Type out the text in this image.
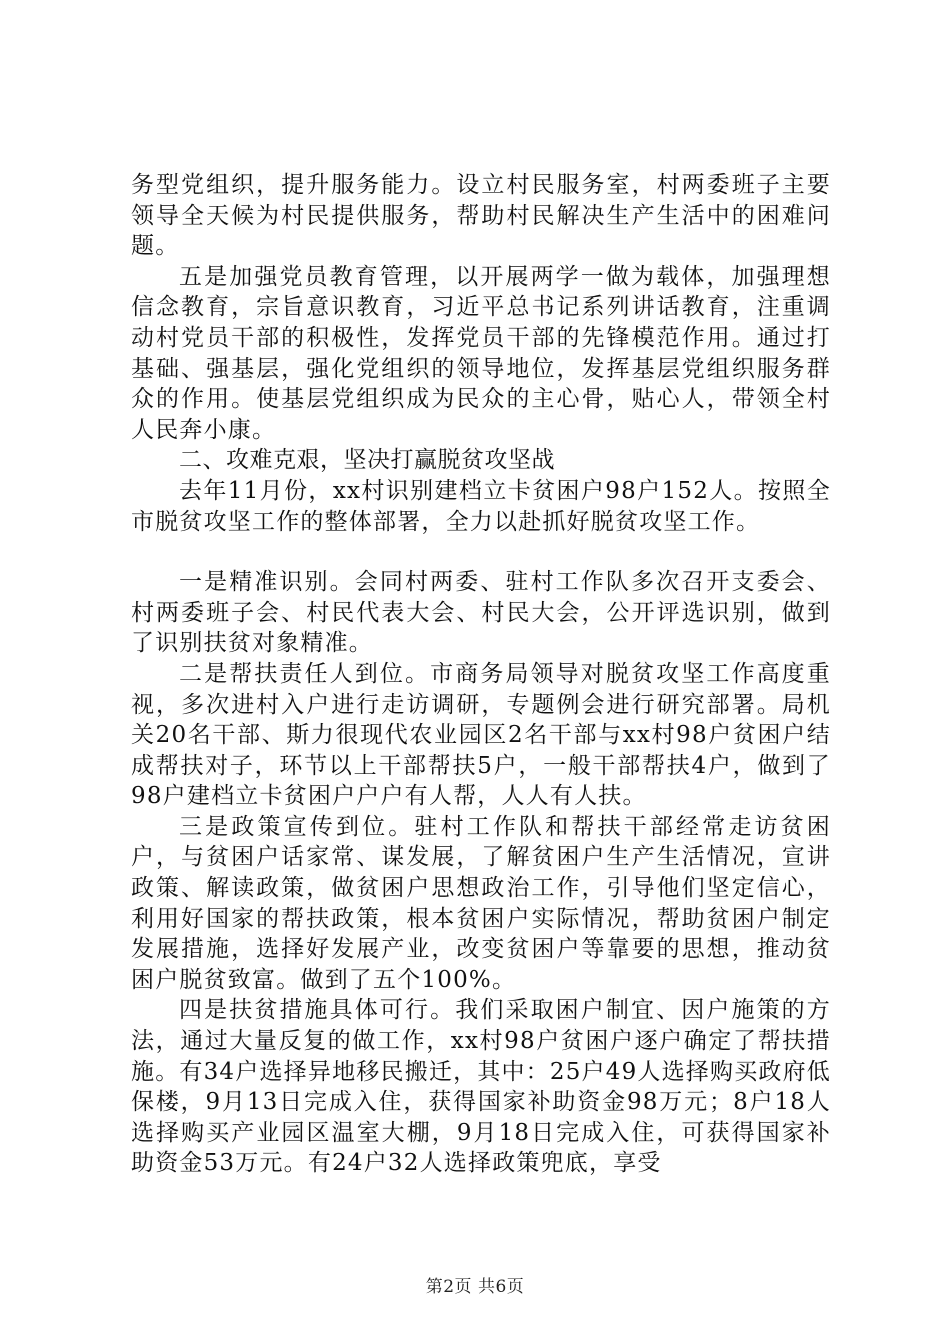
务型党组织，提升服务能力。设立村民服务室，村两委班子主要领导全天候为村民提供服务，帮助村民解决生产生活中的困难问题。

五是加强党员教育管理，以开展两学一做为载体，加强理想信念教育，宗旨意识教育，习近平总书记系列讲话教育，注重调动村党员干部的积极性，发挥党员干部的先锋模范作用。通过打基础、强基层，强化党组织的领导地位，发挥基层党组织服务群众的作用。使基层党组织成为民众的主心骨，贴心人，带领全村人民奔小康。

二、攻难克艰，坚决打赢脱贫攻坚战

去年11月份，xx村识别建档立卡贫困户98户152人。按照全市脱贫攻坚工作的整体部署，全力以赴抓好脱贫攻坚工作。

一是精准识别。会同村两委、驻村工作队多次召开支委会、村两委班子会、村民代表大会、村民大会，公开评选识别，做到了识别扶贫对象精准。

二是帮扶责任人到位。市商务局领导对脱贫攻坚工作高度重视，多次进村入户进行走访调研，专题例会进行研究部署。局机关20名干部、斯力很现代农业园区2名干部与xx村98户贫困户结成帮扶对子，环节以上干部帮扶5户，一般干部帮扶4户，做到了98户建档立卡贫困户户户有人帮，人人有人扶。

三是政策宣传到位。驻村工作队和帮扶干部经常走访贫困户，与贫困户话家常、谋发展，了解贫困户生产生活情况，宣讲政策、解读政策，做贫困户思想政治工作，引导他们坚定信心，利用好国家的帮扶政策，根本贫困户实际情况，帮助贫困户制定发展措施，选择好发展产业，改变贫困户等靠要的思想，推动贫困户脱贫致富。做到了五个100%。

四是扶贫措施具体可行。我们采取困户制宜、因户施策的方法，通过大量反复的做工作，xx村98户贫困户逐户确定了帮扶措施。有34户选择异地移民搬迁，其中：25户49人选择购买政府低保楼，9月13日完成入住，获得国家补助资金98万元；8户18人选择购买产业园区温室大棚，9月18日完成入住，可获得国家补助资金53万元。有24户32人选择政策兜底，享受

第2页 共6页
